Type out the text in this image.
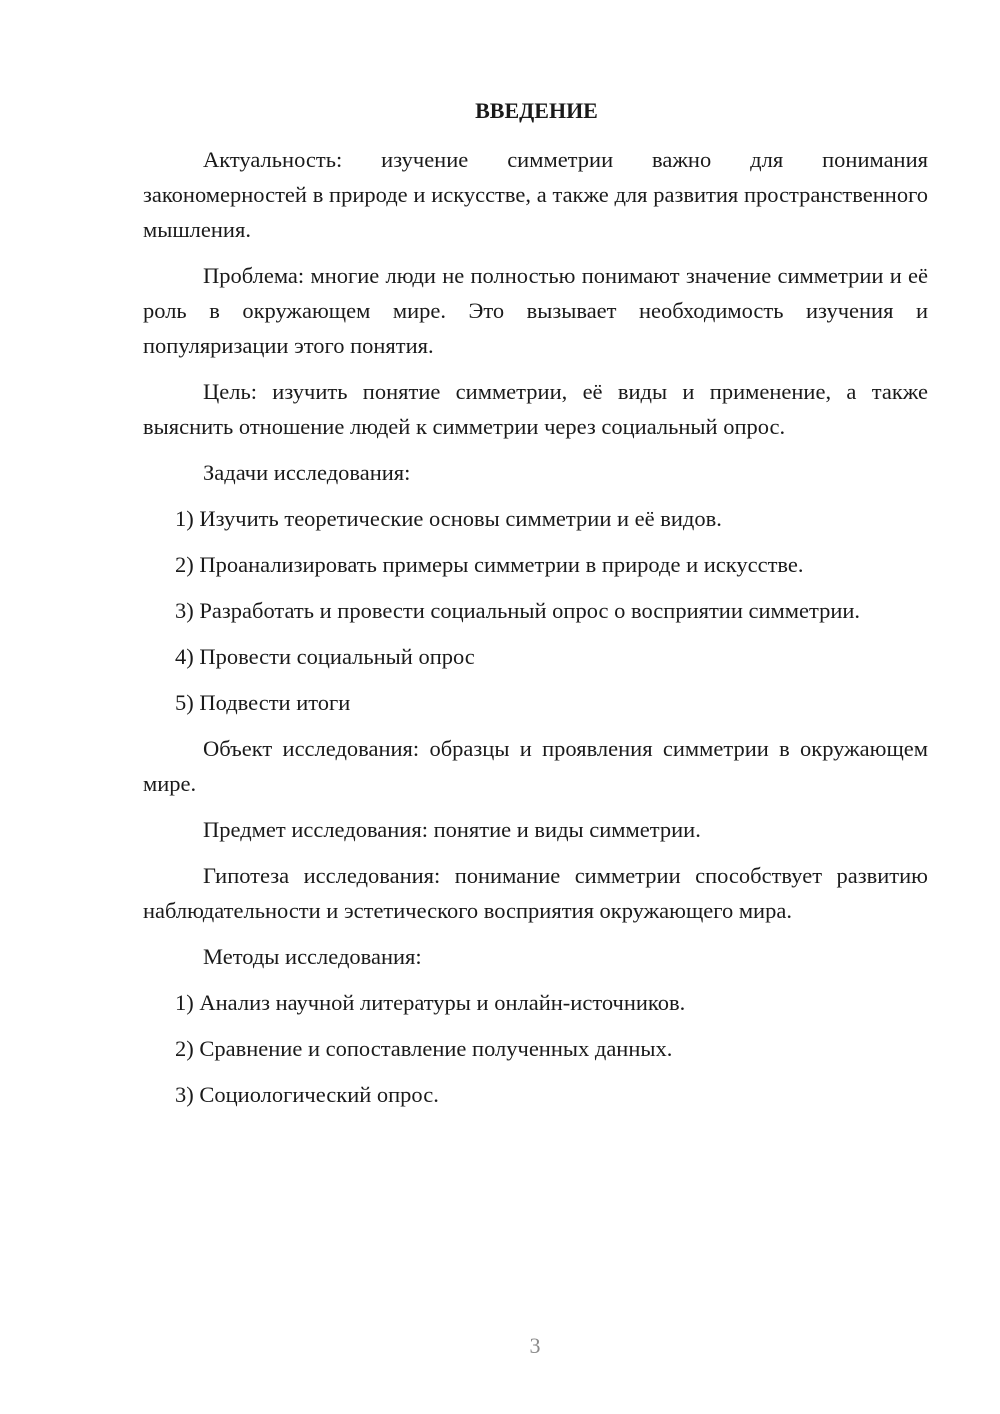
ВВЕДЕНИЕ

Актуальность: изучение симметрии важно для понимания закономерностей в природе и искусстве, а также для развития пространственного мышления.

Проблема: многие люди не полностью понимают значение симметрии и её роль в окружающем мире. Это вызывает необходимость изучения и популяризации этого понятия.

Цель: изучить понятие симметрии, её виды и применение, а также выяснить отношение людей к симметрии через социальный опрос.

Задачи исследования:

1) Изучить теоретические основы симметрии и её видов.

2) Проанализировать примеры симметрии в природе и искусстве.

3) Разработать и провести социальный опрос о восприятии симметрии.

4) Провести социальный опрос

5) Подвести итоги

Объект исследования: образцы и проявления симметрии в окружающем мире.

Предмет исследования: понятие и виды симметрии.

Гипотеза исследования: понимание симметрии способствует развитию наблюдательности и эстетического восприятия окружающего мира.

Методы исследования:

1) Анализ научной литературы и онлайн-источников.

2) Сравнение и сопоставление полученных данных.

3) Социологический опрос.

3
